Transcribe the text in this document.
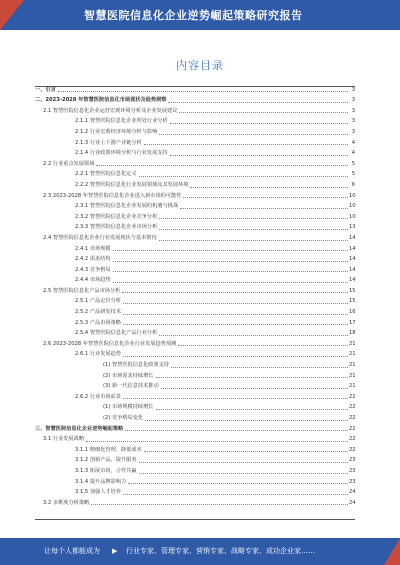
智慧医院信息化企业逆势崛起策略研究报告
内容目录
一、引言	3
二、2023-2028 年智慧医院信息化市场现状及趋势洞察	3
2.1 智慧医院信息化企业运营宏观环境分析及企业发展建议	3
2.1.1 智慧医院信息化企业所处行业分析	3
2.1.2 行业宏观经济环境分析与影响	3
2.1.3 行业上下游产业链分析	4
2.1.4 行业政策环境分析与行业发展支持	4
2.2 行业重点发展领域	5
2.2.1 智慧医院信息化定义	5
2.2.2 智慧医院信息化行业发展领域及其发展环境	6
2.3 2023-2028 年智慧医院信息化企业进入新市场的可能性	10
2.3.1 智慧医院信息化企业发展的机遇与挑战	10
2.3.2 智慧医院信息化企业竞争分析	10
2.3.3 智慧医院信息化企业市场分析	13
2.4 智慧医院信息化企业行业发展现状与基本情况	14
2.4.1 市场规模	14
2.4.2 需求结构	14
2.4.3 竞争格局	14
2.4.4 市场趋势	14
2.5 智慧医院信息化产品市场分析	15
2.5.1 产品定位分析	15
2.5.2 产品研发技术	16
2.5.3 产品市场策略	17
2.5.4 智慧医院信息化产品行业分析	18
2.6 2023-2028 年智慧医院信息化企业行业发展趋势预测	21
2.6.1 行业发展趋势	21
(1) 智慧医院信息化政策支持	21
(2) 市场需求持续增长	21
(3) 新一代信息技术推动	21
2.6.2 行业市场前景	22
(1) 市场规模持续增长	22
(2) 竞争格局变化	22
三、智慧医院信息化企业逆势崛起策略	22
3.1 行业发展战略	22
3.1.1 精细化管理、降低成本	22
3.1.2 创新产品，提升服务	23
3.1.3 拓展市场，合作共赢	23
3.1.4 提升品牌影响力	23
3.1.5 加强人才培养	24
3.2 多维度分析策略	24
让每个人都能成为 ▶ 行业专家、管理专家、营销专家、战略专家、成功企业家……
